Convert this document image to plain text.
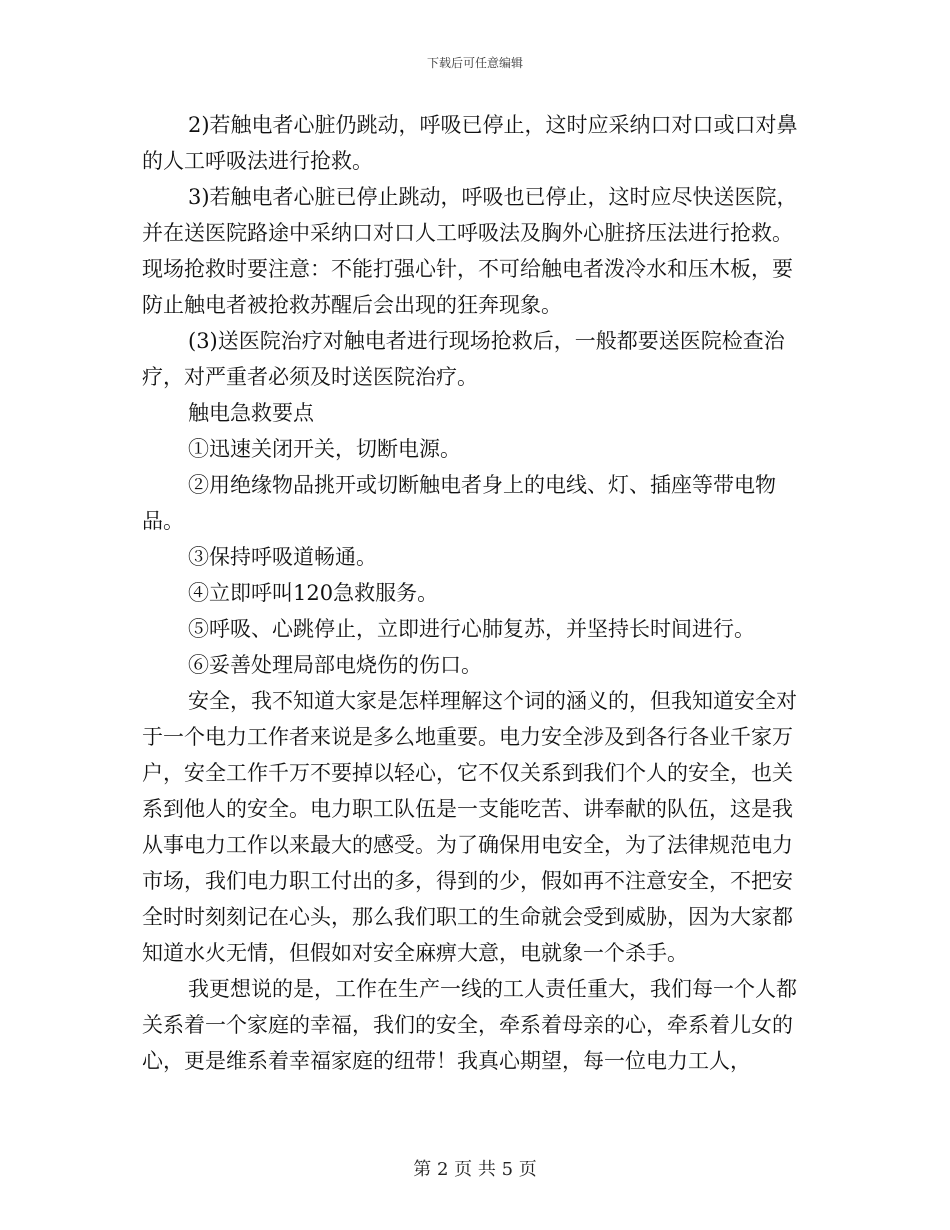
下载后可任意编辑

2)若触电者心脏仍跳动，呼吸已停止，这时应采纳口对口或口对鼻的人工呼吸法进行抢救。

3)若触电者心脏已停止跳动，呼吸也已停止，这时应尽快送医院，并在送医院路途中采纳口对口人工呼吸法及胸外心脏挤压法进行抢救。现场抢救时要注意：不能打强心针，不可给触电者泼冷水和压木板，要防止触电者被抢救苏醒后会出现的狂奔现象。

(3)送医院治疗对触电者进行现场抢救后，一般都要送医院检查治疗，对严重者必须及时送医院治疗。

触电急救要点

①迅速关闭开关，切断电源。

②用绝缘物品挑开或切断触电者身上的电线、灯、插座等带电物品。

③保持呼吸道畅通。

④立即呼叫120急救服务。

⑤呼吸、心跳停止，立即进行心肺复苏，并坚持长时间进行。

⑥妥善处理局部电烧伤的伤口。

安全，我不知道大家是怎样理解这个词的涵义的，但我知道安全对于一个电力工作者来说是多么地重要。电力安全涉及到各行各业千家万户，安全工作千万不要掉以轻心，它不仅关系到我们个人的安全，也关系到他人的安全。电力职工队伍是一支能吃苦、讲奉献的队伍，这是我从事电力工作以来最大的感受。为了确保用电安全，为了法律规范电力市场，我们电力职工付出的多，得到的少，假如再不注意安全，不把安全时时刻刻记在心头，那么我们职工的生命就会受到威胁，因为大家都知道水火无情，但假如对安全麻痹大意，电就象一个杀手。

我更想说的是，工作在生产一线的工人责任重大，我们每一个人都关系着一个家庭的幸福，我们的安全，牵系着母亲的心，牵系着儿女的心，更是维系着幸福家庭的纽带！我真心期望，每一位电力工人，

第 2 页 共 5 页
